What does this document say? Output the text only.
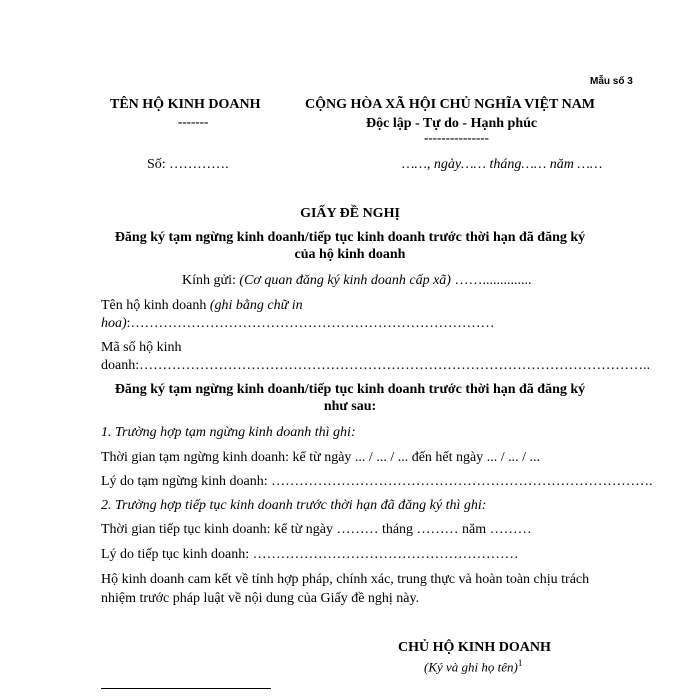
Mẫu số 3
TÊN HỘ KINH DOANH
-------
CỘNG HÒA XÃ HỘI CHỦ NGHĨA VIỆT NAM
Độc lập - Tự do - Hạnh phúc
---------------
Số: ………….	……, ngày…… tháng…… năm ……
GIẤY ĐỀ NGHỊ
Đăng ký tạm ngừng kinh doanh/tiếp tục kinh doanh trước thời hạn đã đăng ký
của hộ kinh doanh
Kính gửi: (Cơ quan đăng ký kinh doanh cấp xã) ……..............
Tên hộ kinh doanh (ghi bằng chữ in
hoa):……………………………………………………………………
Mã số hộ kinh
doanh:………………………………………………………………………………………………..
Đăng ký tạm ngừng kinh doanh/tiếp tục kinh doanh trước thời hạn đã đăng ký
như sau:
1. Trường hợp tạm ngừng kinh doanh thì ghi:
Thời gian tạm ngừng kinh doanh: kể từ ngày ... / ... / ... đến hết ngày ... / ... / ...
Lý do tạm ngừng kinh doanh: ……………………………………………………………………….
2. Trường hợp tiếp tục kinh doanh trước thời hạn đã đăng ký thì ghi:
Thời gian tiếp tục kinh doanh: kể từ ngày ……… tháng ……… năm ………
Lý do tiếp tục kinh doanh: …………………………………………………
Hộ kinh doanh cam kết về tính hợp pháp, chính xác, trung thực và hoàn toàn chịu trách
nhiệm trước pháp luật về nội dung của Giấy đề nghị này.
CHỦ HỘ KINH DOANH
(Ký và ghi họ tên)$^1$
